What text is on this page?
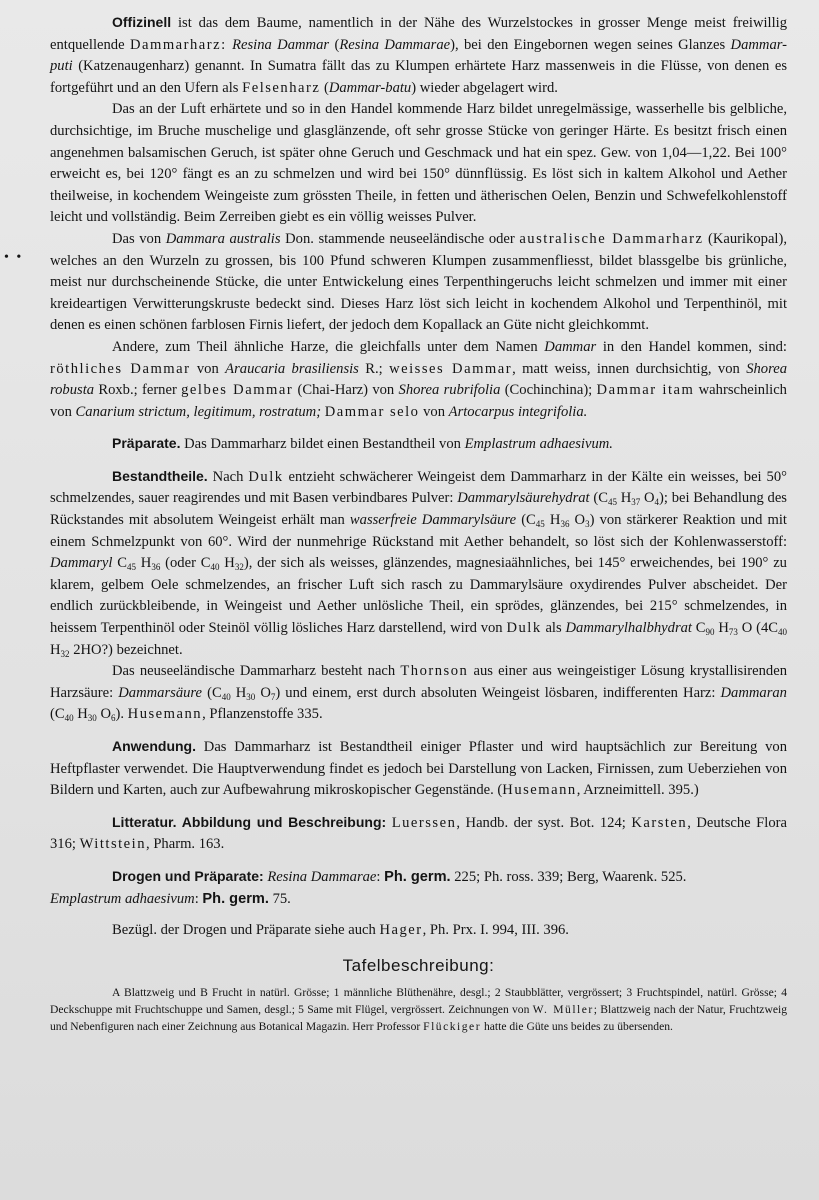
• •

Offizinell ist das dem Baume, namentlich in der Nähe des Wurzelstockes in grosser Menge meist freiwillig entquellende Dammarharz: Resina Dammar (Resina Dammarae), bei den Eingebornen wegen seines Glanzes Dammar-puti (Katzenaugenharz) genannt. In Sumatra fällt das zu Klumpen erhärtete Harz massenweis in die Flüsse, von denen es fortgeführt und an den Ufern als Felsenharz (Dammar-batu) wieder abgelagert wird.

Das an der Luft erhärtete und so in den Handel kommende Harz bildet unregelmässige, wasserhelle bis gelbliche, durchsichtige, im Bruche muschelige und glasglänzende, oft sehr grosse Stücke von geringer Härte. Es besitzt frisch einen angenehmen balsamischen Geruch, ist später ohne Geruch und Geschmack und hat ein spez. Gew. von 1,04—1,22. Bei 100° erweicht es, bei 120° fängt es an zu schmelzen und wird bei 150° dünnflüssig. Es löst sich in kaltem Alkohol und Aether theilweise, in kochendem Weingeiste zum grössten Theile, in fetten und ätherischen Oelen, Benzin und Schwefelkohlenstoff leicht und vollständig. Beim Zerreiben giebt es ein völlig weisses Pulver.

Das von Dammara australis Don. stammende neuseeländische oder australische Dammarharz (Kaurikopal), welches an den Wurzeln zu grossen, bis 100 Pfund schweren Klumpen zusammenfliesst, bildet blassgelbe bis grünliche, meist nur durchscheinende Stücke, die unter Entwickelung eines Terpenthingeruchs leicht schmelzen und immer mit einer kreideartigen Verwitterungskruste bedeckt sind. Dieses Harz löst sich leicht in kochendem Alkohol und Terpenthinöl, mit denen es einen schönen farblosen Firnis liefert, der jedoch dem Kopallack an Güte nicht gleichkommt.

Andere, zum Theil ähnliche Harze, die gleichfalls unter dem Namen Dammar in den Handel kommen, sind: röthliches Dammar von Araucaria brasiliensis R.; weisses Dammar, matt weiss, innen durchsichtig, von Shorea robusta Roxb.; ferner gelbes Dammar (Chai-Harz) von Shorea rubrifolia (Cochinchina); Dammar itam wahrscheinlich von Canarium strictum, legitimum, rostratum; Dammar selo von Artocarpus integrifolia.

Präparate. Das Dammarharz bildet einen Bestandtheil von Emplastrum adhaesivum.

Bestandtheile. Nach Dulk entzieht schwächerer Weingeist dem Dammarharz in der Kälte ein weisses, bei 50° schmelzendes, sauer reagirendes und mit Basen verbindbares Pulver: Dammarylsäurehydrat ($C_{45}$ $H_{37}$ $O_4$); bei Behandlung des Rückstandes mit absolutem Weingeist erhält man wasserfreie Dammarylsäure ($C_{45}$ $H_{36}$ $O_3$) von stärkerer Reaktion und mit einem Schmelzpunkt von 60°. Wird der nunmehrige Rückstand mit Aether behandelt, so löst sich der Kohlenwasserstoff: Dammaryl $C_{45}$ $H_{36}$ (oder $C_{40}$ $H_{32}$), der sich als weisses, glänzendes, magnesiaähnliches, bei 145° erweichendes, bei 190° zu klarem, gelbem Oele schmelzendes, an frischer Luft sich rasch zu Dammarylsäure oxydirendes Pulver abscheidet. Der endlich zurückbleibende, in Weingeist und Aether unlösliche Theil, ein sprödes, glänzendes, bei 215° schmelzendes, in heissem Terpenthinöl oder Steinöl völlig lösliches Harz darstellend, wird von Dulk als Dammarylhalbhydrat $C_{90}$ $H_{73}$ O ($4C_{40}$ $H_{32}$ 2HO?) bezeichnet.

Das neuseeländische Dammarharz besteht nach Thornson aus einer aus weingeistiger Lösung krystallisirenden Harzsäure: Dammarsäure ($C_{40}$ $H_{30}$ $O_7$) und einem, erst durch absoluten Weingeist lösbaren, indifferenten Harz: Dammaran ($C_{40}$ $H_{30}$ $O_6$). Husemann, Pflanzenstoffe 335.

Anwendung. Das Dammarharz ist Bestandtheil einiger Pflaster und wird hauptsächlich zur Bereitung von Heftpflaster verwendet. Die Hauptverwendung findet es jedoch bei Darstellung von Lacken, Firnissen, zum Ueberziehen von Bildern und Karten, auch zur Aufbewahrung mikroskopischer Gegenstände. (Husemann, Arzneimittell. 395.)

Litteratur. Abbildung und Beschreibung: Luerssen, Handb. der syst. Bot. 124; Karsten, Deutsche Flora 316; Wittstein, Pharm. 163.

Drogen und Präparate: Resina Dammarae: Ph. germ. 225; Ph. ross. 339; Berg, Waarenk. 525.
Emplastrum adhaesivum: Ph. germ. 75.

Bezügl. der Drogen und Präparate siehe auch Hager, Ph. Prx. I. 994, III. 396.

Tafelbeschreibung:

A Blattzweig und B Frucht in natürl. Grösse; 1 männliche Blüthenähre, desgl.; 2 Staubblätter, vergrössert; 3 Fruchtspindel, natürl. Grösse; 4 Deckschuppe mit Fruchtschuppe und Samen, desgl.; 5 Same mit Flügel, vergrössert. Zeichnungen von W. Müller; Blattzweig nach der Natur, Fruchtzweig und Nebenfiguren nach einer Zeichnung aus Botanical Magazin. Herr Professor Flückiger hatte die Güte uns beides zu übersenden.
